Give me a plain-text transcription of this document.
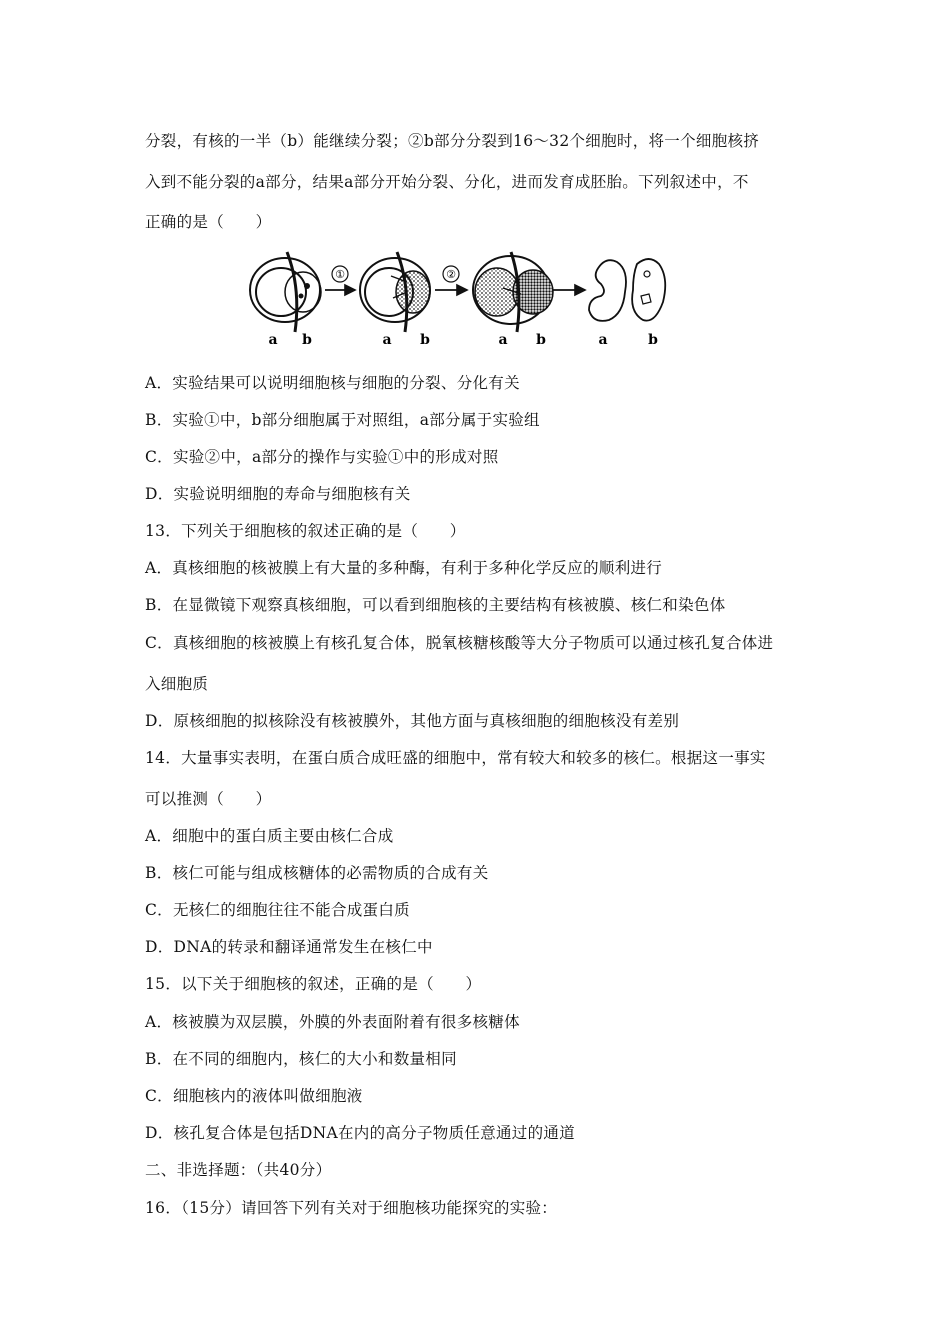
分裂，有核的一半（b）能继续分裂；②b部分分裂到16～32个细胞时，将一个细胞核挤
入到不能分裂的a部分，结果a部分开始分裂、分化，进而发育成胚胎。下列叙述中，不
正确的是（　　）
①	②
a b	a b	a b	a	b
A．实验结果可以说明细胞核与细胞的分裂、分化有关
B．实验①中，b部分细胞属于对照组，a部分属于实验组
C．实验②中，a部分的操作与实验①中的形成对照
D．实验说明细胞的寿命与细胞核有关
13．下列关于细胞核的叙述正确的是（　　）
A．真核细胞的核被膜上有大量的多种酶，有利于多种化学反应的顺利进行
B．在显微镜下观察真核细胞，可以看到细胞核的主要结构有核被膜、核仁和染色体
C．真核细胞的核被膜上有核孔复合体，脱氧核糖核酸等大分子物质可以通过核孔复合体进
入细胞质
D．原核细胞的拟核除没有核被膜外，其他方面与真核细胞的细胞核没有差别
14．大量事实表明，在蛋白质合成旺盛的细胞中，常有较大和较多的核仁。根据这一事实
可以推测（　　）
A．细胞中的蛋白质主要由核仁合成
B．核仁可能与组成核糖体的必需物质的合成有关
C．无核仁的细胞往往不能合成蛋白质
D．DNA的转录和翻译通常发生在核仁中
15．以下关于细胞核的叙述，正确的是（　　）
A．核被膜为双层膜，外膜的外表面附着有很多核糖体
B．在不同的细胞内，核仁的大小和数量相同
C．细胞核内的液体叫做细胞液
D．核孔复合体是包括DNA在内的高分子物质任意通过的通道
二、非选择题：（共40分）
16．（15分）请回答下列有关对于细胞核功能探究的实验：
